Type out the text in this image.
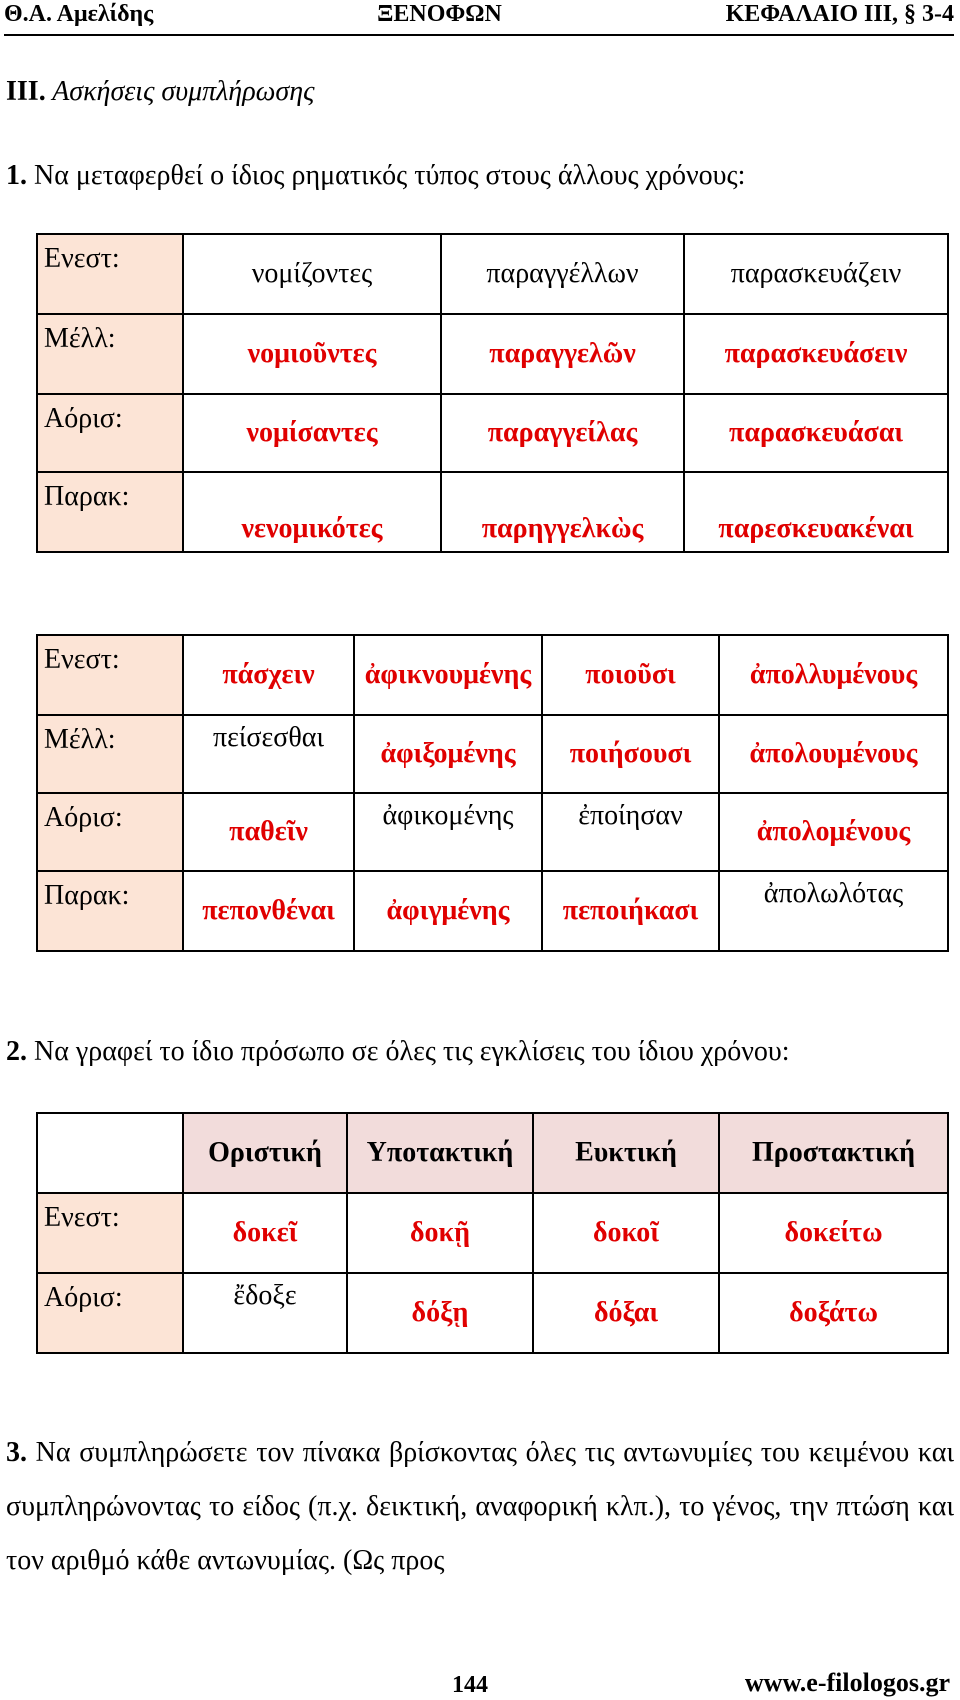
Θ.Α. Αμελίδης	ΞΕΝΟΦΩΝ	ΚΕΦΑΛΑΙΟ ΙΙΙ, § 3-4
ΙΙΙ. Ασκήσεις συμπλήρωσης
1. Να μεταφερθεί ο ίδιος ρηματικός τύπος στους άλλους χρόνους:
Ενεστ:	νομίζοντες	παραγγέλλων	παρασκευάζειν
Μέλλ:	νομιοῦντες	παραγγελῶν	παρασκευάσειν
Αόρισ:	νομίσαντες	παραγγείλας	παρασκευάσαι
Παρακ:	νενομικότες	παρηγγελκὼς	παρεσκευακέναι
Ενεστ:	πάσχειν	ἀφικνουμένης	ποιοῦσι	ἀπολλυμένους
Μέλλ:	πείσεσθαι	ἀφιξομένης	ποιήσουσι	ἀπολουμένους
Αόρισ:	παθεῖν	ἀφικομένης	ἐποίησαν	ἀπολομένους
Παρακ:	πεπονθέναι	ἀφιγμένης	πεποιήκασι	ἀπολωλότας
2. Να γραφεί το ίδιο πρόσωπο σε όλες τις εγκλίσεις του ίδιου χρόνου:
	Οριστική	Υποτακτική	Ευκτική	Προστακτική
Ενεστ:	δοκεῖ	δοκῇ	δοκοῖ	δοκείτω
Αόρισ:	ἔδοξε	δόξῃ	δόξαι	δοξάτω
3. Να συμπληρώσετε τον πίνακα βρίσκοντας όλες τις αντωνυμίες του κειμένου και συμπληρώνοντας το είδος (π.χ. δεικτική, αναφορική κλπ.), το γένος, την πτώση και τον αριθμό κάθε αντωνυμίας. (Ως προς
144	www.e-filologos.gr
